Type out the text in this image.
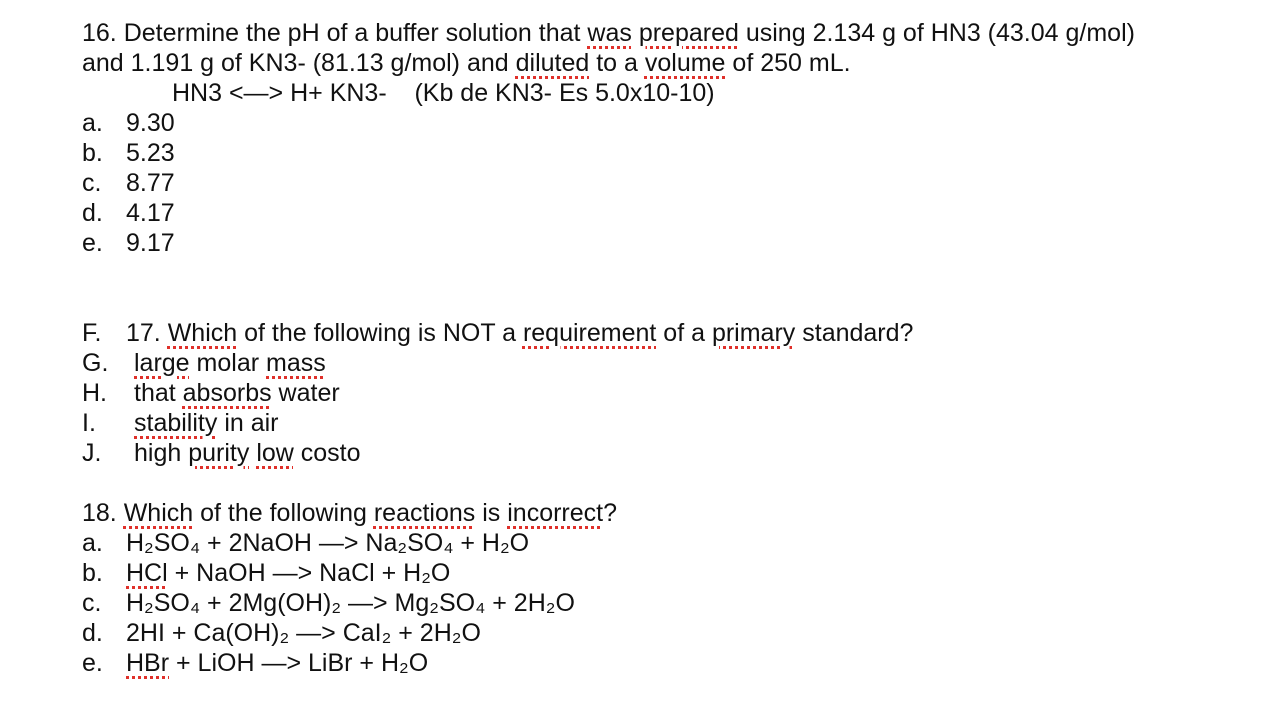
16. Determine the pH of a buffer solution that was prepared using 2.134 g of HN3 (43.04 g/mol)
and 1.191 g of KN3- (81.13 g/mol) and diluted to a volume of 250 mL.
HN3 <—> H+ KN3-    (Kb de KN3- Es 5.0x10-10)
a. 9.30
b. 5.23
c. 8.77
d. 4.17
e. 9.17
F. 17. Which of the following is NOT a requirement of a primary standard?
G.	large molar mass
H.	that absorbs water
I.	stability in air
J.	high purity low costo
18. Which of the following reactions is incorrect?
a. H₂SO₄ + 2NaOH —> Na₂SO₄ + H₂O
b. HCl + NaOH —> NaCl + H₂O
c. H₂SO₄ + 2Mg(OH)₂ —> Mg₂SO₄ + 2H₂O
d. 2HI + Ca(OH)₂ —> CaI₂ + 2H₂O
e. HBr + LiOH —> LiBr + H₂O
